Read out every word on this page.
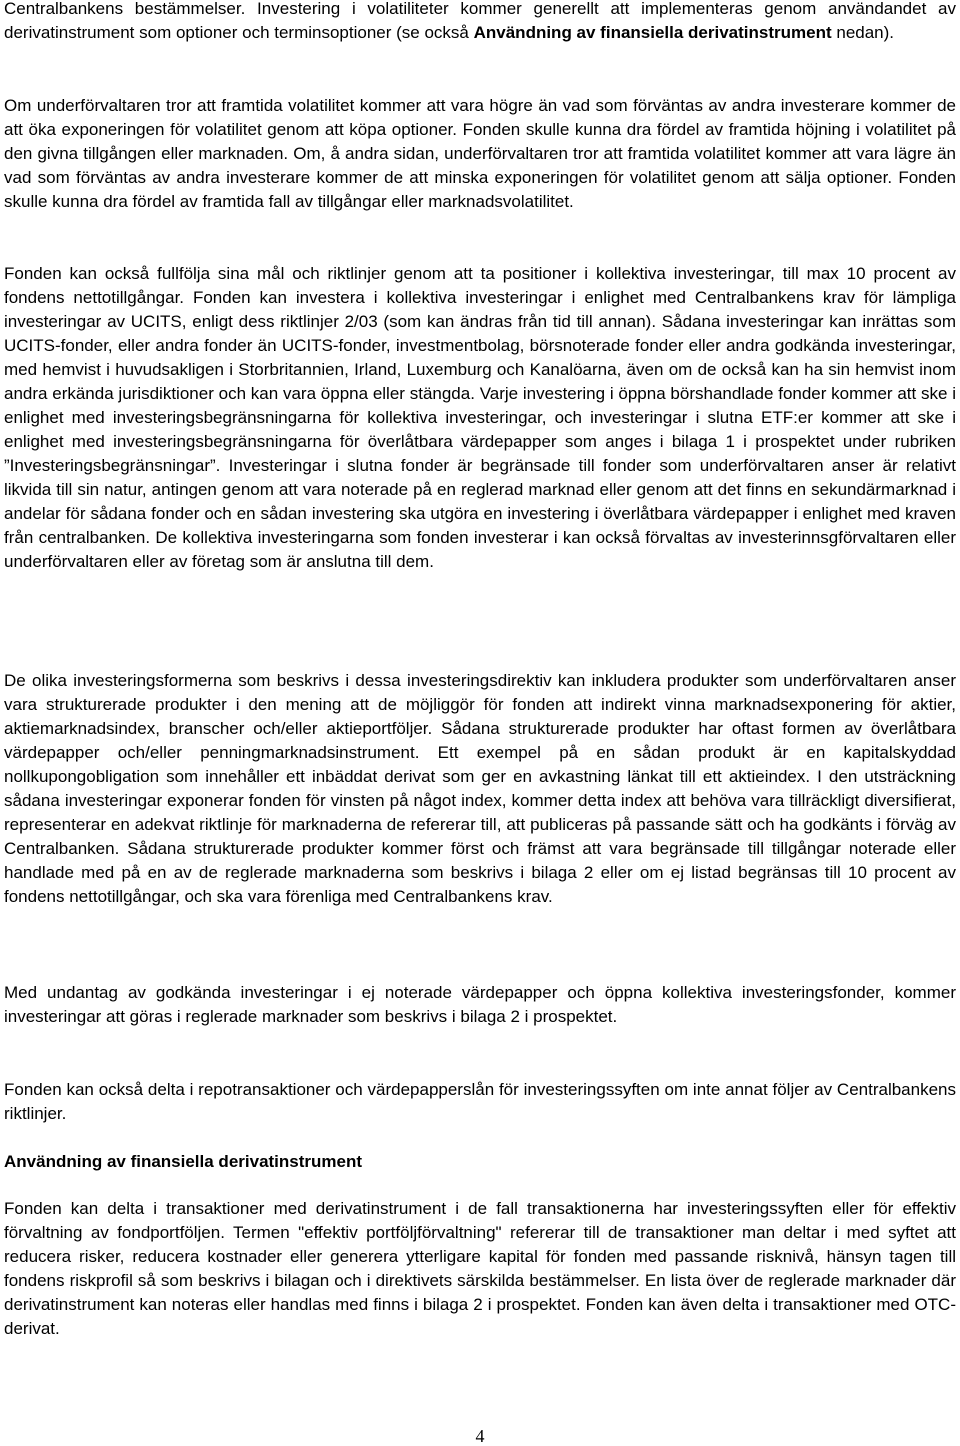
Centralbankens bestämmelser. Investering i volatiliteter kommer generellt att implementeras genom användandet av derivatinstrument som optioner och terminsoptioner (se också Användning av finansiella derivatinstrument nedan).

Om underförvaltaren tror att framtida volatilitet kommer att vara högre än vad som förväntas av andra investerare kommer de att öka exponeringen för volatilitet genom att köpa optioner. Fonden skulle kunna dra fördel av framtida höjning i volatilitet på den givna tillgången eller marknaden. Om, å andra sidan, underförvaltaren tror att framtida volatilitet kommer att vara lägre än vad som förväntas av andra investerare kommer de att minska exponeringen för volatilitet genom att sälja optioner. Fonden skulle kunna dra fördel av framtida fall av tillgångar eller marknadsvolatilitet.

Fonden kan också fullfölja sina mål och riktlinjer genom att ta positioner i kollektiva investeringar, till max 10 procent av fondens nettotillgångar. Fonden kan investera i kollektiva investeringar i enlighet med Centralbankens krav för lämpliga investeringar av UCITS, enligt dess riktlinjer 2/03 (som kan ändras från tid till annan). Sådana investeringar kan inrättas som UCITS-fonder, eller andra fonder än UCITS-fonder, investmentbolag, börsnoterade fonder eller andra godkända investeringar, med hemvist i huvudsakligen i Storbritannien, Irland, Luxemburg och Kanalöarna, även om de också kan ha sin hemvist inom andra erkända jurisdiktioner och kan vara öppna eller stängda. Varje investering i öppna börshandlade fonder kommer att ske i enlighet med investeringsbegränsningarna för kollektiva investeringar, och investeringar i slutna ETF:er kommer att ske i enlighet med investeringsbegränsningarna för överlåtbara värdepapper som anges i bilaga 1 i prospektet under rubriken ”Investeringsbegränsningar”. Investeringar i slutna fonder är begränsade till fonder som underförvaltaren anser är relativt likvida till sin natur, antingen genom att vara noterade på en reglerad marknad eller genom att det finns en sekundärmarknad i andelar för sådana fonder och en sådan investering ska utgöra en investering i överlåtbara värdepapper i enlighet med kraven från centralbanken. De kollektiva investeringarna som fonden investerar i kan också förvaltas av investerinnsgförvaltaren eller underförvaltaren eller av företag som är anslutna till dem.

De olika investeringsformerna som beskrivs i dessa investeringsdirektiv kan inkludera produkter som underförvaltaren anser vara strukturerade produkter i den mening att de möjliggör för fonden att indirekt vinna marknadsexponering för aktier, aktiemarknadsindex, branscher och/eller aktieportföljer. Sådana strukturerade produkter har oftast formen av överlåtbara värdepapper och/eller penningmarknadsinstrument. Ett exempel på en sådan produkt är en kapitalskyddad nollkupongobligation som innehåller ett inbäddat derivat som ger en avkastning länkat till ett aktieindex. I den utsträckning sådana investeringar exponerar fonden för vinsten på något index, kommer detta index att behöva vara tillräckligt diversifierat, representerar en adekvat riktlinje för marknaderna de refererar till, att publiceras på passande sätt och ha godkänts i förväg av Centralbanken. Sådana strukturerade produkter kommer först och främst att vara begränsade till tillgångar noterade eller handlade med på en av de reglerade marknaderna som beskrivs i bilaga 2 eller om ej listad begränsas till 10 procent av fondens nettotillgångar, och ska vara förenliga med Centralbankens krav.

Med undantag av godkända investeringar i ej noterade värdepapper och öppna kollektiva investeringsfonder, kommer investeringar att göras i reglerade marknader som beskrivs i bilaga 2 i prospektet.

Fonden kan också delta i repotransaktioner och värdepapperslån för investeringssyften om inte annat följer av Centralbankens riktlinjer.

Användning av finansiella derivatinstrument

Fonden kan delta i transaktioner med derivatinstrument i de fall transaktionerna har investeringssyften eller för effektiv förvaltning av fondportföljen. Termen "effektiv portföljförvaltning" refererar till de transaktioner man deltar i med syftet att reducera risker, reducera kostnader eller generera ytterligare kapital för fonden med passande risknivå, hänsyn tagen till fondens riskprofil så som beskrivs i bilagan och i direktivets särskilda bestämmelser. En lista över de reglerade marknader där derivatinstrument kan noteras eller handlas med finns i bilaga 2 i prospektet. Fonden kan även delta i transaktioner med OTC-derivat.

4
